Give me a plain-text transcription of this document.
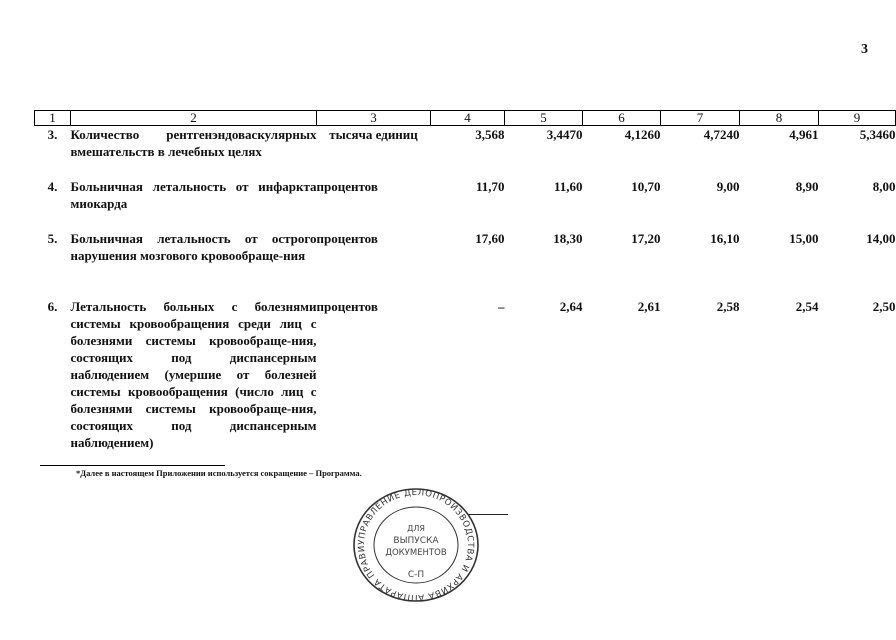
3
1	2	3	4	5	6	7	8	9
3.	Количество рентгенэндоваскулярных вмешательств в лечебных целях	тысяча единиц	3,568	3,4470	4,1260	4,7240	4,961	5,3460
4.	Больничная летальность от инфаркта миокарда	процентов	11,70	11,60	10,70	9,00	8,90	8,00
5.	Больничная летальность от острого нарушения мозгового кровообраще-ния	процентов	17,60	18,30	17,20	16,10	15,00	14,00
6.	Летальность больных с болезнями системы кровообращения среди лиц с болезнями системы кровообраще-ния, состоящих под диспансерным наблюдением (умершие от болезней системы кровообращения (число лиц с болезнями системы кровообраще-ния, состоящих под диспансерным наблюдением)	процентов	–	2,64	2,61	2,58	2,54	2,50
*Далее в настоящем Приложении используется сокращение – Программа.
УПРАВЛЕНИЕ ДЕЛОПРОИЗВОДСТВА И АРХИВА АППАРАТА ПРАВИ
ДЛЯ
ВЫПУСКА
ДОКУМЕНТОВ
С-П
